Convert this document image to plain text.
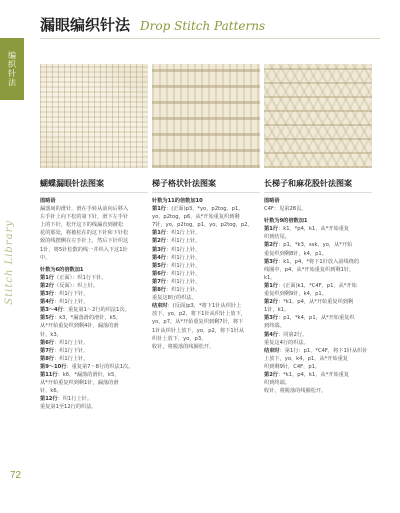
编织针法
Stitch Library
72
漏眼编织针法 Drop Stitch Patterns
蝴蝶漏眼针法图案
图略语
漏落间的滑针，滑在手转从前向后移入
左手针上向下松的第下针，滑下左手针
上的下针，松开这下的线漏直到被松
花的那处，将被松在的这下针和下针松
致的线摆侧在左手针上，然后下针织这
1针，将5针松散的线一并织入下这1针
中。
针数为6的倍数加1
第1行（正面）：织1行下针。
第2行（反面）：织上针。
第3行：织1行下针。
第4行：织1行上针。
第3～4行：重复第1～2行的织法1次。
第5行：k3，*漏落滑的滑针，k5，
从*开始重复织到剩4针，漏落的滑
针，k3。
第6行：织1行上针。
第7行：织1行下针。
第8行：织1行上针。
第9～10行：重复第7～8行的织法1次。
第11行：k6，*漏落的滑针，k5，
从*开始重复织到剩1针，漏落的滑
针，k6。
第12行：织1行上针。
重复第1至12行的织法。
梯子格状针法图案
针数为11的倍数加10
第1行：(正面)p3，*yo，p2tog，p1，
yo，p2tog，p6，从*开始重复织到剩
7针，yo，p2tog，p1，yo，p2tog，p2。
第1行：织1行上针。
第2行：织1行上针。
第3行：织1行上针。
第4行：织1行上针。
第5行：织1行上针。
第6行：织1行上针。
第7行：织1行上针。
第8行：织1行上针。
重复这8行的织法。
结束时：(反面)p3，*将下1针从织针上
放下，yo，p2，将下1针从织针上放下，
yo，p7，从*开始重复织到剩7针，将下
1针从织针上放下，yo，p2，将下1针从
织针上放下，yo，p3。
收针，将脱落的线圈松开。
长梯子和麻花股针法图案
图略语
C4F：见第28页。
针数为9的倍数加1
第1行：k1，*p4，k1，从*开始重复
织到结尾。
第2行：p1，*k3，ssk，yo，从*开始
重复织到剩8针，k4，p1。
第3行：k1，p4，*将下1针放入前线绕的
线圈中，p4，从*开始重复织到剩1针，
k1。
第1行：(正面)k1，*C4F，p1，从*开始
重复织到剩9针，k4，p1。
第2行：*k1，p4，从*开始重复织到剩
1针，k1。
第3行：p1，*k4，p1，从*开始重复织
到终端。
第4行：同第2行。
重复这4行的织法。
结束时：第1行：p1，*C4F，将下1针从织针
上放下，yo，k4，p1，从*开始重复
织到剩9针，C4F，p1。
第2行：*k1，p4，k1，从*开始重复
织到终端。
收针，将脱落的线圈松开。
